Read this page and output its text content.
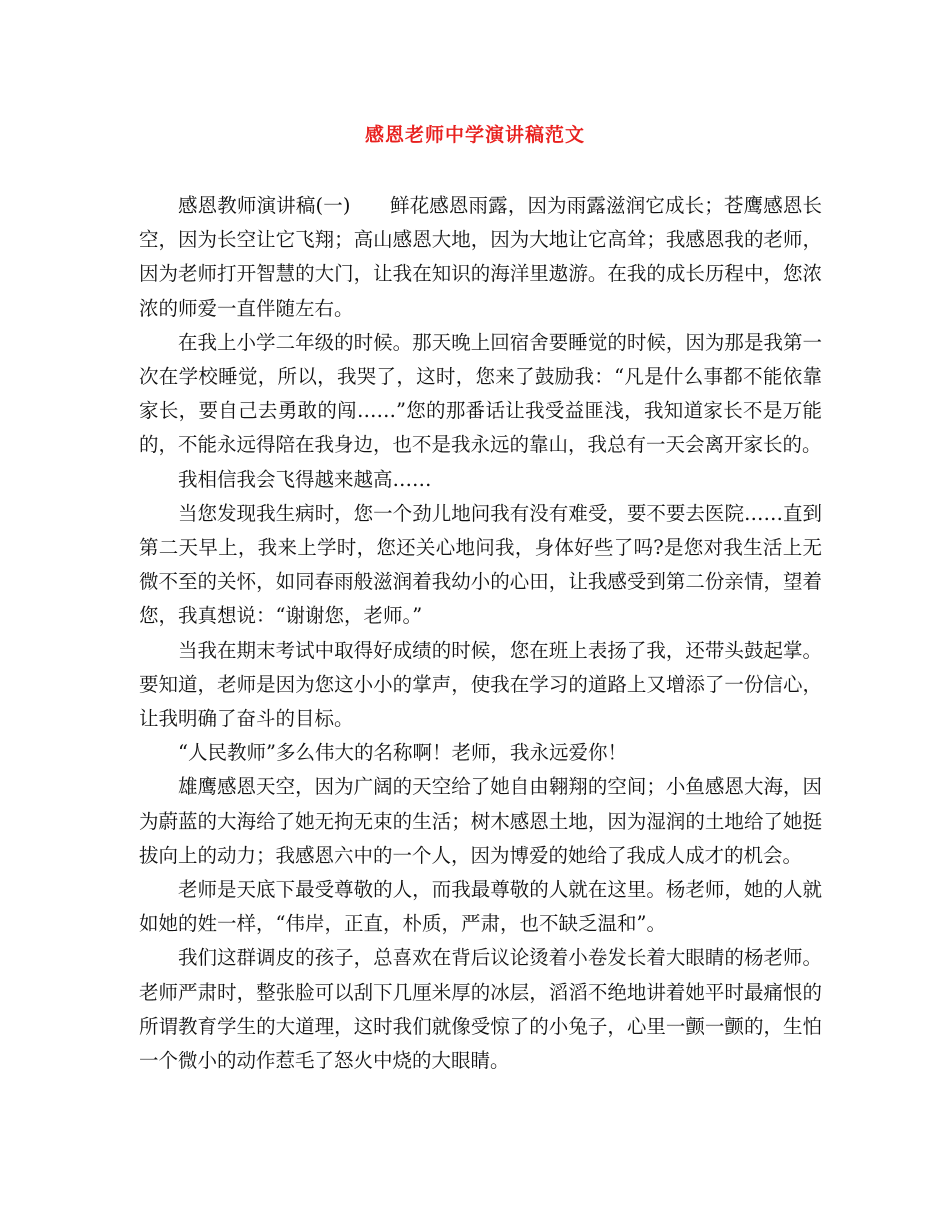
感恩老师中学演讲稿范文

感恩教师演讲稿(一)　　鲜花感恩雨露，因为雨露滋润它成长；苍鹰感恩长空，因为长空让它飞翔；高山感恩大地，因为大地让它高耸；我感恩我的老师，因为老师打开智慧的大门，让我在知识的海洋里遨游。在我的成长历程中，您浓浓的师爱一直伴随左右。

在我上小学二年级的时候。那天晚上回宿舍要睡觉的时候，因为那是我第一次在学校睡觉，所以，我哭了，这时，您来了鼓励我：“凡是什么事都不能依靠家长，要自己去勇敢的闯……”您的那番话让我受益匪浅，我知道家长不是万能的，不能永远得陪在我身边，也不是我永远的靠山，我总有一天会离开家长的。

我相信我会飞得越来越高……

当您发现我生病时，您一个劲儿地问我有没有难受，要不要去医院……直到第二天早上，我来上学时，您还关心地问我，身体好些了吗?是您对我生活上无微不至的关怀，如同春雨般滋润着我幼小的心田，让我感受到第二份亲情，望着您，我真想说：“谢谢您，老师。”

当我在期末考试中取得好成绩的时候，您在班上表扬了我，还带头鼓起掌。要知道，老师是因为您这小小的掌声，使我在学习的道路上又增添了一份信心，让我明确了奋斗的目标。

“人民教师”多么伟大的名称啊！老师，我永远爱你！

雄鹰感恩天空，因为广阔的天空给了她自由翱翔的空间；小鱼感恩大海，因为蔚蓝的大海给了她无拘无束的生活；树木感恩土地，因为湿润的土地给了她挺拔向上的动力；我感恩六中的一个人，因为博爱的她给了我成人成才的机会。

老师是天底下最受尊敬的人，而我最尊敬的人就在这里。杨老师，她的人就如她的姓一样，“伟岸，正直，朴质，严肃，也不缺乏温和”。

我们这群调皮的孩子，总喜欢在背后议论烫着小卷发长着大眼睛的杨老师。老师严肃时，整张脸可以刮下几厘米厚的冰层，滔滔不绝地讲着她平时最痛恨的所谓教育学生的大道理，这时我们就像受惊了的小兔子，心里一颤一颤的，生怕一个微小的动作惹毛了怒火中烧的大眼睛。
